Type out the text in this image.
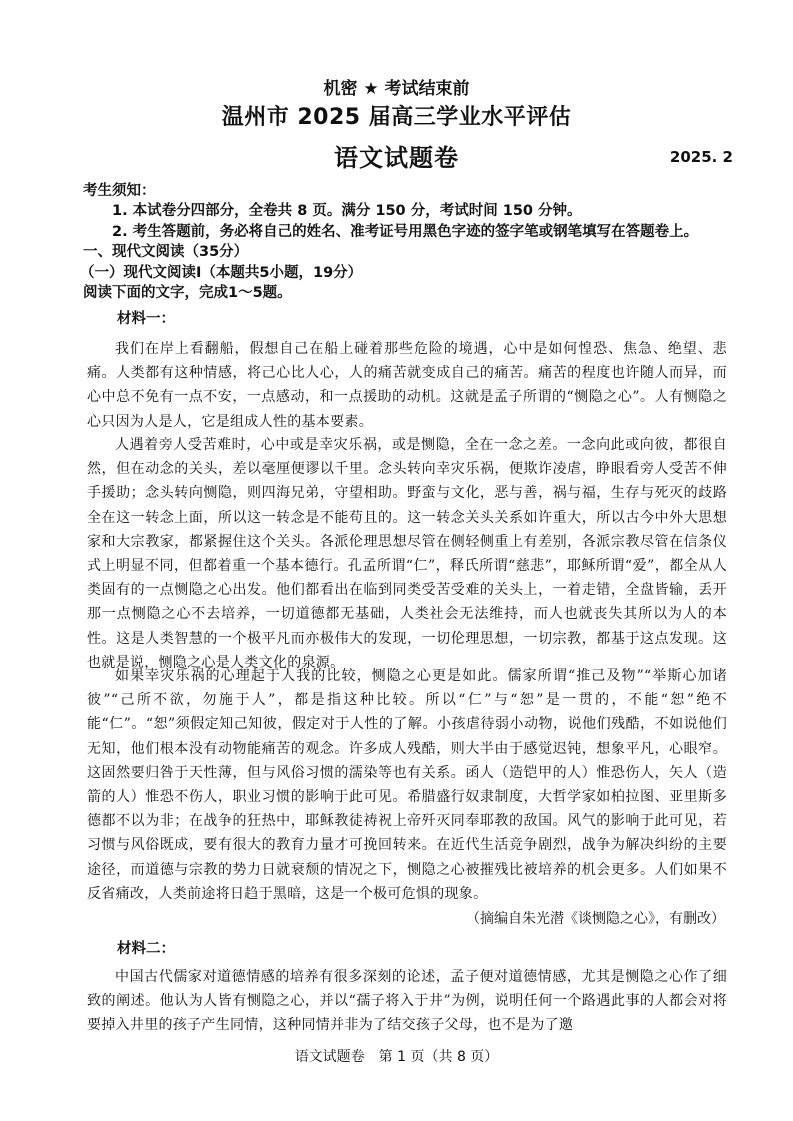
机密 ★ 考试结束前
温州市 2025 届高三学业水平评估
语文试题卷	2025. 2
考生须知：
1. 本试卷分四部分，全卷共 8 页。满分 150 分，考试时间 150 分钟。
2. 考生答题前，务必将自己的姓名、准考证号用黑色字迹的签字笔或钢笔填写在答题卷上。
一、现代文阅读（35分）
（一）现代文阅读Ⅰ（本题共5小题，19分）
阅读下面的文字，完成1～5题。
材料一：

我们在岸上看翻船，假想自己在船上碰着那些危险的境遇，心中是如何惶恐、焦急、绝望、悲痛。人类都有这种情感，将己心比人心，人的痛苦就变成自己的痛苦。痛苦的程度也许随人而异，而心中总不免有一点不安，一点感动，和一点援助的动机。这就是孟子所谓的“恻隐之心”。人有恻隐之心只因为人是人，它是组成人性的基本要素。

人遇着旁人受苦难时，心中或是幸灾乐祸，或是恻隐，全在一念之差。一念向此或向彼，都很自然，但在动念的关头，差以毫厘便谬以千里。念头转向幸灾乐祸，便欺诈凌虐，睁眼看旁人受苦不伸手援助；念头转向恻隐，则四海兄弟，守望相助。野蛮与文化，恶与善，祸与福，生存与死灭的歧路全在这一转念上面，所以这一转念是不能苟且的。这一转念关头关系如许重大，所以古今中外大思想家和大宗教家，都紧握住这个关头。各派伦理思想尽管在侧轻侧重上有差别，各派宗教尽管在信条仪式上明显不同，但都着重一个基本德行。孔孟所谓“仁”，释氏所谓“慈悲”，耶稣所谓“爱”，都全从人类固有的一点恻隐之心出发。他们都看出在临到同类受苦受难的关头上，一着走错，全盘皆输，丢开那一点恻隐之心不去培养，一切道德都无基础，人类社会无法维持，而人也就丧失其所以为人的本性。这是人类智慧的一个极平凡而亦极伟大的发现，一切伦理思想，一切宗教，都基于这点发现。这也就是说，恻隐之心是人类文化的泉源。

如果幸灾乐祸的心理起于人我的比较，恻隐之心更是如此。儒家所谓“推己及物”“举斯心加诸彼”“己所不欲，勿施于人”，都是指这种比较。所以“仁”与“恕”是一贯的，不能“恕”绝不能“仁”。“恕”须假定知己知彼，假定对于人性的了解。小孩虐待弱小动物，说他们残酷，不如说他们无知，他们根本没有动物能痛苦的观念。许多成人残酷，则大半由于感觉迟钝，想象平凡，心眼窄。这固然要归咎于天性薄，但与风俗习惯的濡染等也有关系。函人（造铠甲的人）惟恐伤人，矢人（造箭的人）惟恐不伤人，职业习惯的影响于此可见。希腊盛行奴隶制度，大哲学家如柏拉图、亚里斯多德都不以为非；在战争的狂热中，耶稣教徒祷祝上帝歼灭同奉耶教的敌国。风气的影响于此可见，若习惯与风俗既成，要有很大的教育力量才可挽回转来。在近代生活竞争剧烈，战争为解决纠纷的主要途径，而道德与宗教的势力日就衰颓的情况之下，恻隐之心被摧残比被培养的机会更多。人们如果不反省痛改，人类前途将日趋于黑暗，这是一个极可危惧的现象。

（摘编自朱光潜《谈恻隐之心》，有删改）
材料二：

中国古代儒家对道德情感的培养有很多深刻的论述，孟子便对道德情感，尤其是恻隐之心作了细致的阐述。他认为人皆有恻隐之心，并以“孺子将入于井”为例，说明任何一个路遇此事的人都会对将要掉入井里的孩子产生同情，这种同情并非为了结交孩子父母，也不是为了邀

语文试题卷　第 1 页（共 8 页）
